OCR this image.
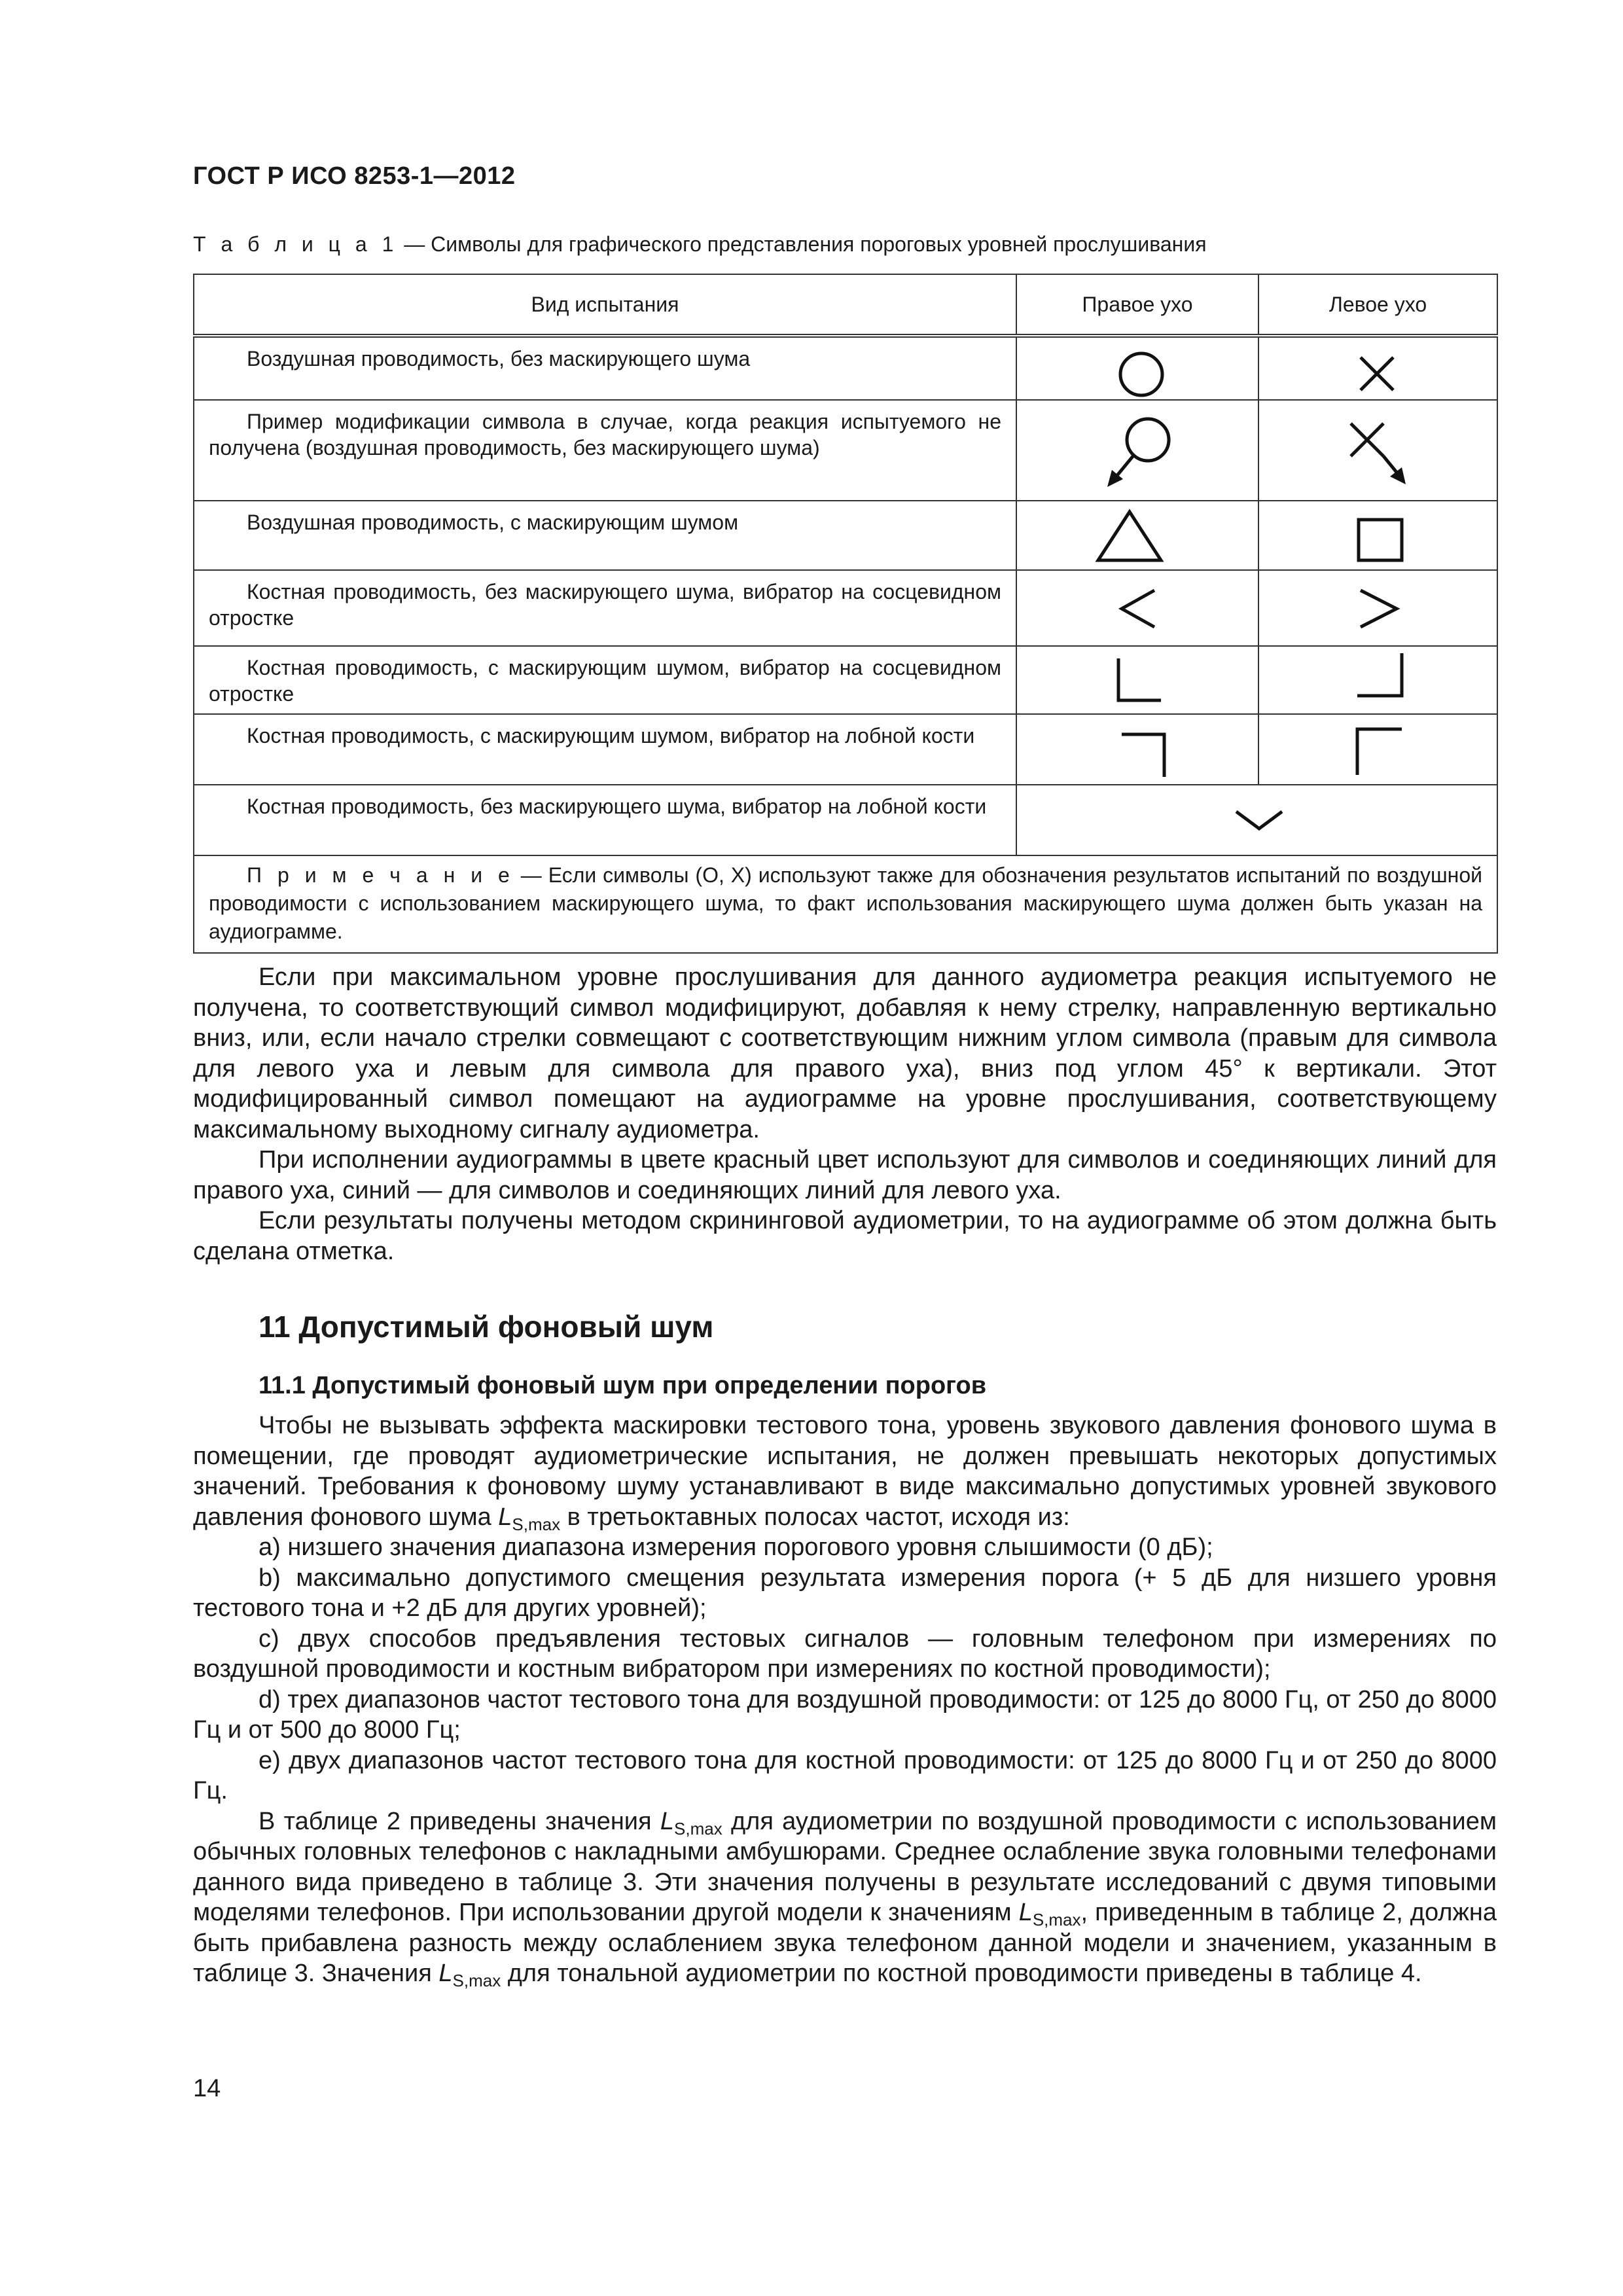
ГОСТ Р ИСО 8253-1—2012
Т а б л и ц а 1 — Символы для графического представления пороговых уровней прослушивания
Вид испытания	Правое ухо	Левое ухо
Воздушная проводимость, без маскирующего шума	

Пример модификации символа в случае, когда реакция испытуемого не получена (воздушная проводимость, без маскирующего шума)	

Воздушная проводимость, с маскирующим шумом	

Костная проводимость, без маскирующего шума, вибратор на сосцевидном отростке	

Костная проводимость, с маскирующим шумом, вибратор на сосцевидном отростке	

Костная проводимость, с маскирующим шумом, вибратор на лобной кости	

Костная проводимость, без маскирующего шума, вибратор на лобной кости	

П р и м е ч а н и е — Если символы (О, X) используют также для обозначения результатов испытаний по воздушной проводимости с использованием маскирующего шума, то факт использования маскирующего шума должен быть указан на аудиограмме.		

Если при максимальном уровне прослушивания для данного аудиометра реакция испытуемого не получена, то соответствующий символ модифицируют, добавляя к нему стрелку, направленную вертикально вниз, или, если начало стрелки совмещают с соответствующим нижним углом символа (правым для символа для левого уха и левым для символа для правого уха), вниз под углом 45° к вертикали. Этот модифицированный символ помещают на аудиограмме на уровне прослушивания, соответствующему максимальному выходному сигналу аудиометра.

При исполнении аудиограммы в цвете красный цвет используют для символов и соединяющих линий для правого уха, синий — для символов и соединяющих линий для левого уха.

Если результаты получены методом скрининговой аудиометрии, то на аудиограмме об этом должна быть сделана отметка.

11 Допустимый фоновый шум
11.1 Допустимый фоновый шум при определении порогов

Чтобы не вызывать эффекта маскировки тестового тона, уровень звукового давления фонового шума в помещении, где проводят аудиометрические испытания, не должен превышать некоторых допустимых значений. Требования к фоновому шуму устанавливают в виде максимально допустимых уровней звукового давления фонового шума $L_{S,max}$ в третьоктавных полосах частот, исходя из:

a) низшего значения диапазона измерения порогового уровня слышимости (0 дБ);

b) максимально допустимого смещения результата измерения порога (+ 5 дБ для низшего уровня тестового тона и +2 дБ для других уровней);

c) двух способов предъявления тестовых сигналов — головным телефоном при измерениях по воздушной проводимости и костным вибратором при измерениях по костной проводимости);

d) трех диапазонов частот тестового тона для воздушной проводимости: от 125 до 8000 Гц, от 250 до 8000 Гц и от 500 до 8000 Гц;

e) двух диапазонов частот тестового тона для костной проводимости: от 125 до 8000 Гц и от 250 до 8000 Гц.

В таблице 2 приведены значения $L_{S,max}$ для аудиометрии по воздушной проводимости с использованием обычных головных телефонов с накладными амбушюрами. Среднее ослабление звука головными телефонами данного вида приведено в таблице 3. Эти значения получены в результате исследований с двумя типовыми моделями телефонов. При использовании другой модели к значениям $L_{S,max}$, приведенным в таблице 2, должна быть прибавлена разность между ослаблением звука телефоном данной модели и значением, указанным в таблице 3. Значения $L_{S,max}$ для тональной аудиометрии по костной проводимости приведены в таблице 4.

14
